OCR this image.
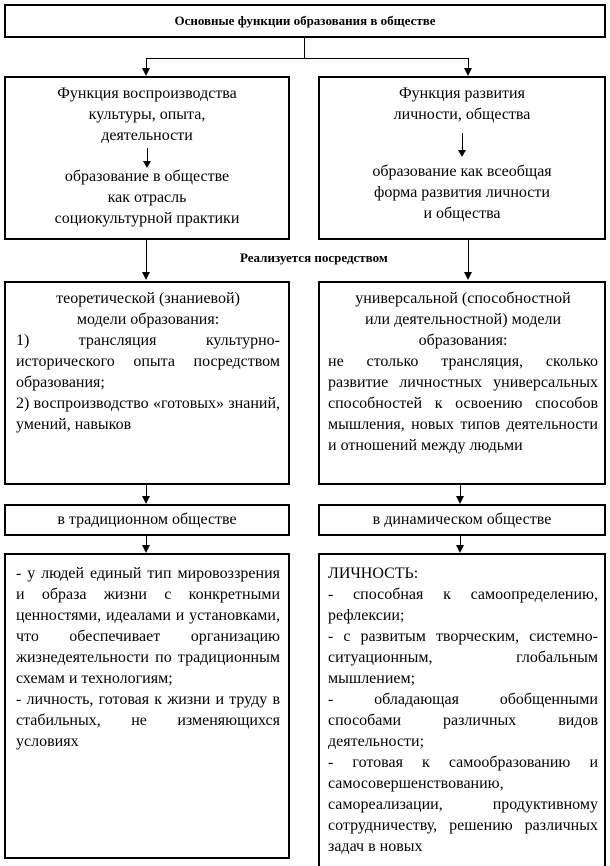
Основные функции образования в обществе

Функция воспроизводства

культуры, опыта,

деятельности

образование в обществе

как отрасль

социокультурной практики

Функция развития

личности, общества

образование как всеобщая

форма развития личности

и общества

Реализуется посредством

теоретической (знаниевой)

модели образования:

1) трансляция культурно-исторического опыта посредством образования;

2) воспроизводство «готовых» знаний, умений, навыков

универсальной (способностной

или деятельностной) модели

образования:

не столько трансляция, сколько развитие личностных универсальных способностей к освоению способов мышления, новых типов деятельности и отношений между людьми

в традиционном обществе	в динамическом обществе

- у людей единый тип мировоззрения и образа жизни с конкретными ценностями, идеалами и установками, что обеспечивает организацию жизнедеятельности по традиционным схемам и технологиям;

- личность, готовая к жизни и труду в стабильных, не изменяющихся условиях

ЛИЧНОСТЬ:

- способная к самоопределению, рефлексии;

- с развитым творческим, системно-ситуационным, глобальным мышлением;

- обладающая обобщенными способами различных видов деятельности;

- готовая к самообразованию и самосовершенствованию, самореализации, продуктивному сотрудничеству, решению различных задач в новых
